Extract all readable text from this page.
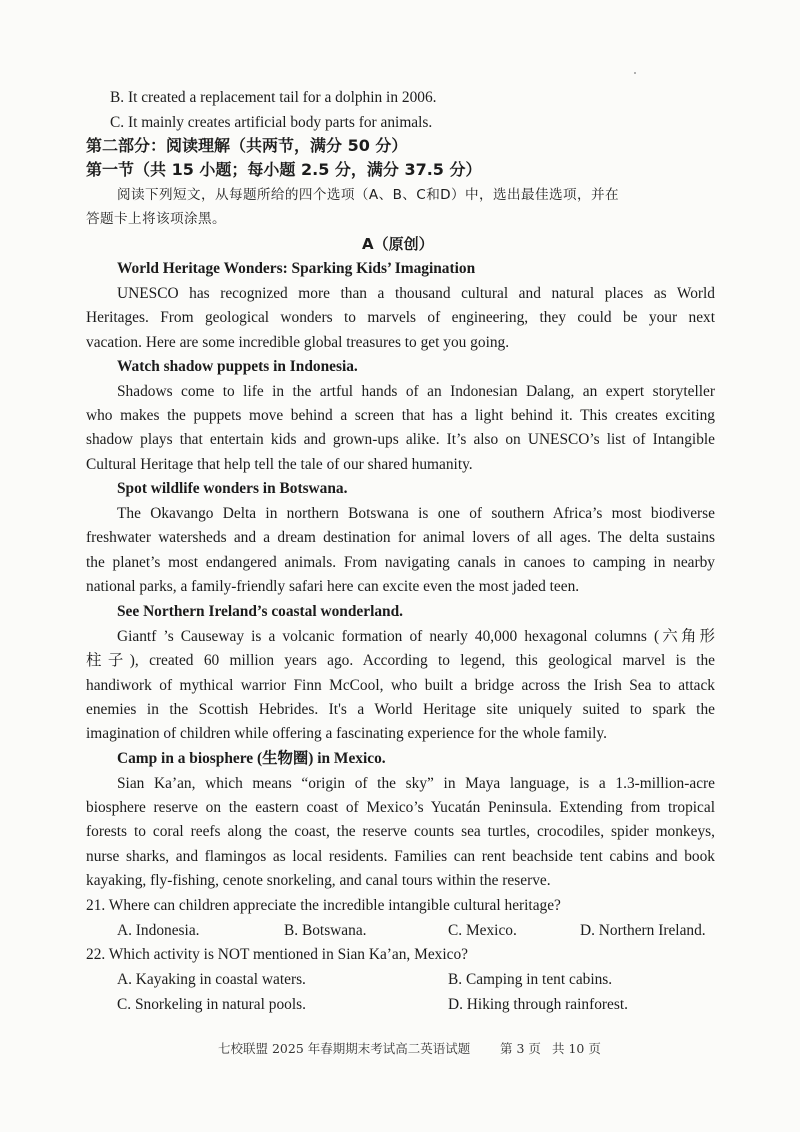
B. It created a replacement tail for a dolphin in 2006.
C. It mainly creates artificial body parts for animals.
第二部分：阅读理解（共两节，满分 50 分）
第一节（共 15 小题；每小题 2.5 分，满分 37.5 分）
阅读下列短文，从每题所给的四个选项（A、B、C和D）中，选出最佳选项，并在
答题卡上将该项涂黑。
A（原创）
World Heritage Wonders: Sparking Kids’ Imagination
UNESCO has recognized more than a thousand cultural and natural places as World
Heritages. From geological wonders to marvels of engineering, they could be your next
vacation. Here are some incredible global treasures to get you going.
Watch shadow puppets in Indonesia.
Shadows come to life in the artful hands of an Indonesian Dalang, an expert storyteller
who makes the puppets move behind a screen that has a light behind it. This creates exciting
shadow plays that entertain kids and grown-ups alike. It’s also on UNESCO’s list of Intangible
Cultural Heritage that help tell the tale of our shared humanity.
Spot wildlife wonders in Botswana.
The Okavango Delta in northern Botswana is one of southern Africa’s most biodiverse
freshwater watersheds and a dream destination for animal lovers of all ages. The delta sustains
the planet’s most endangered animals. From navigating canals in canoes to camping in nearby
national parks, a family-friendly safari here can excite even the most jaded teen.
See Northern Ireland’s coastal wonderland.
Giantf ’s Causeway is a volcanic formation of nearly 40,000 hexagonal columns (六角形
柱子), created 60 million years ago. According to legend, this geological marvel is the
handiwork of mythical warrior Finn McCool, who built a bridge across the Irish Sea to attack
enemies in the Scottish Hebrides. It's a World Heritage site uniquely suited to spark the
imagination of children while offering a fascinating experience for the whole family.
Camp in a biosphere (生物圈) in Mexico.
Sian Ka’an, which means “origin of the sky” in Maya language, is a 1.3-million-acre
biosphere reserve on the eastern coast of Mexico’s Yucatán Peninsula. Extending from tropical
forests to coral reefs along the coast, the reserve counts sea turtles, crocodiles, spider monkeys,
nurse sharks, and flamingos as local residents. Families can rent beachside tent cabins and book
kayaking, fly-fishing, cenote snorkeling, and canal tours within the reserve.
21. Where can children appreciate the incredible intangible cultural heritage?
A. Indonesia.	B. Botswana.	C. Mexico.	D. Northern Ireland.
22. Which activity is NOT mentioned in Sian Ka’an, Mexico?
A. Kayaking in coastal waters.	B. Camping in tent cabins.
C. Snorkeling in natural pools.	D. Hiking through rainforest.
七校联盟 2025 年春期期末考试高二英语试题 第 3 页 共 10 页
